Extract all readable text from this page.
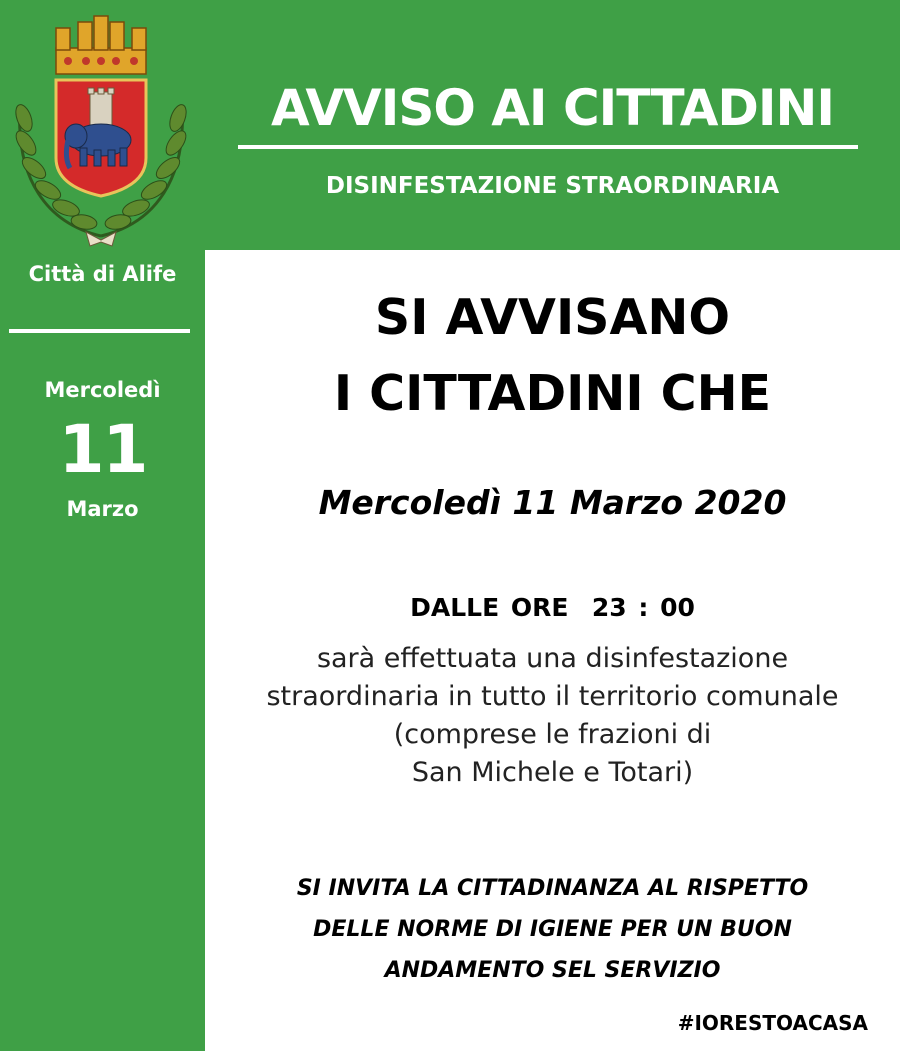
Città di Alife
Mercoledì
11
Marzo
AVVISO AI CITTADINI
DISINFESTAZIONE STRAORDINARIA
SI AVVISANO
I CITTADINI CHE
Mercoledì 11 Marzo 2020
DALLE ORE  23 : 00
sarà effettuata una disinfestazione
straordinaria in tutto il territorio comunale
(comprese le frazioni di
San Michele e Totari)
SI INVITA LA CITTADINANZA AL RISPETTO
DELLE NORME DI IGIENE PER UN BUON
ANDAMENTO SEL SERVIZIO
#IORESTOACASA
